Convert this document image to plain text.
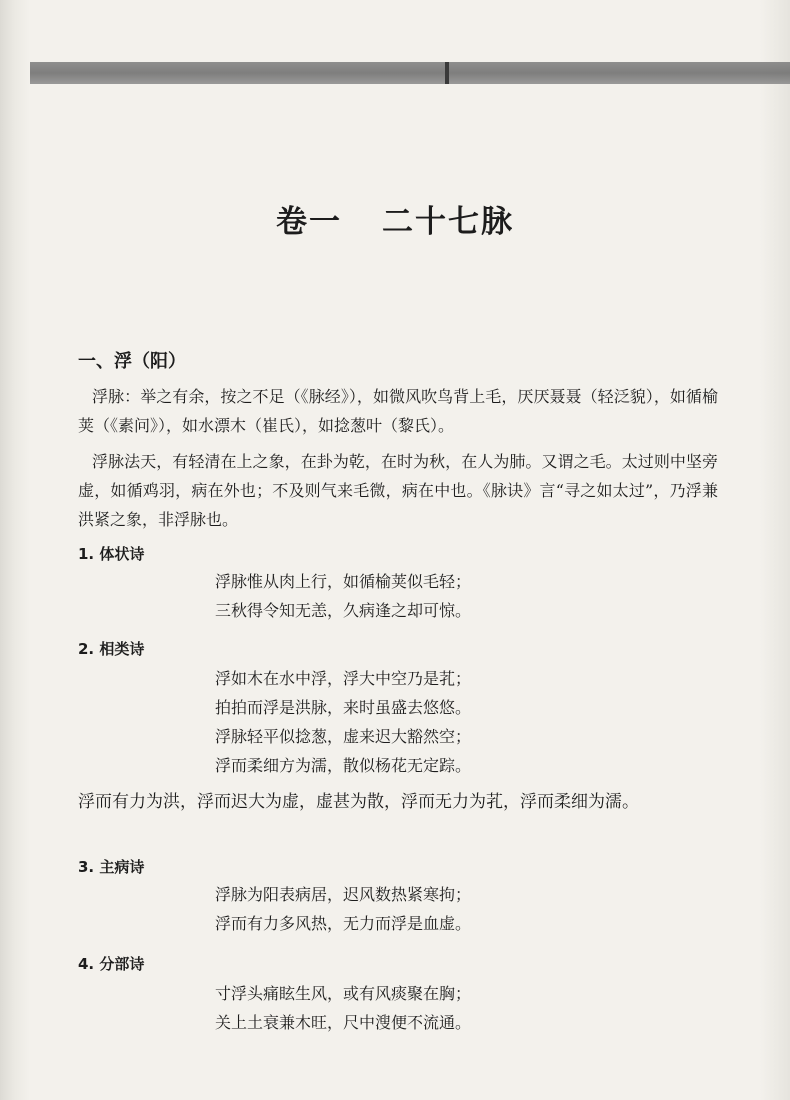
卷一 二十七脉
一、浮（阳）
浮脉：举之有余，按之不足（《脉经》），如微风吹鸟背上毛，厌厌聂聂（轻泛貌），如循榆荚（《素问》），如水漂木（崔氏），如捻葱叶（黎氏）。
浮脉法天，有轻清在上之象，在卦为乾，在时为秋，在人为肺。又谓之毛。太过则中坚旁虚，如循鸡羽，病在外也；不及则气来毛微，病在中也。《脉诀》言“寻之如太过”，乃浮兼洪紧之象，非浮脉也。
1. 体状诗
浮脉惟从肉上行，如循榆荚似毛轻；
三秋得令知无恙，久病逢之却可惊。
2. 相类诗
浮如木在水中浮，浮大中空乃是芤；
拍拍而浮是洪脉，来时虽盛去悠悠。
浮脉轻平似捻葱，虚来迟大豁然空；
浮而柔细方为濡，散似杨花无定踪。
浮而有力为洪，浮而迟大为虚，虚甚为散，浮而无力为芤，浮而柔细为濡。
3. 主病诗
浮脉为阳表病居，迟风数热紧寒拘；
浮而有力多风热，无力而浮是血虚。
4. 分部诗
寸浮头痛眩生风，或有风痰聚在胸；
关上土衰兼木旺，尺中溲便不流通。
